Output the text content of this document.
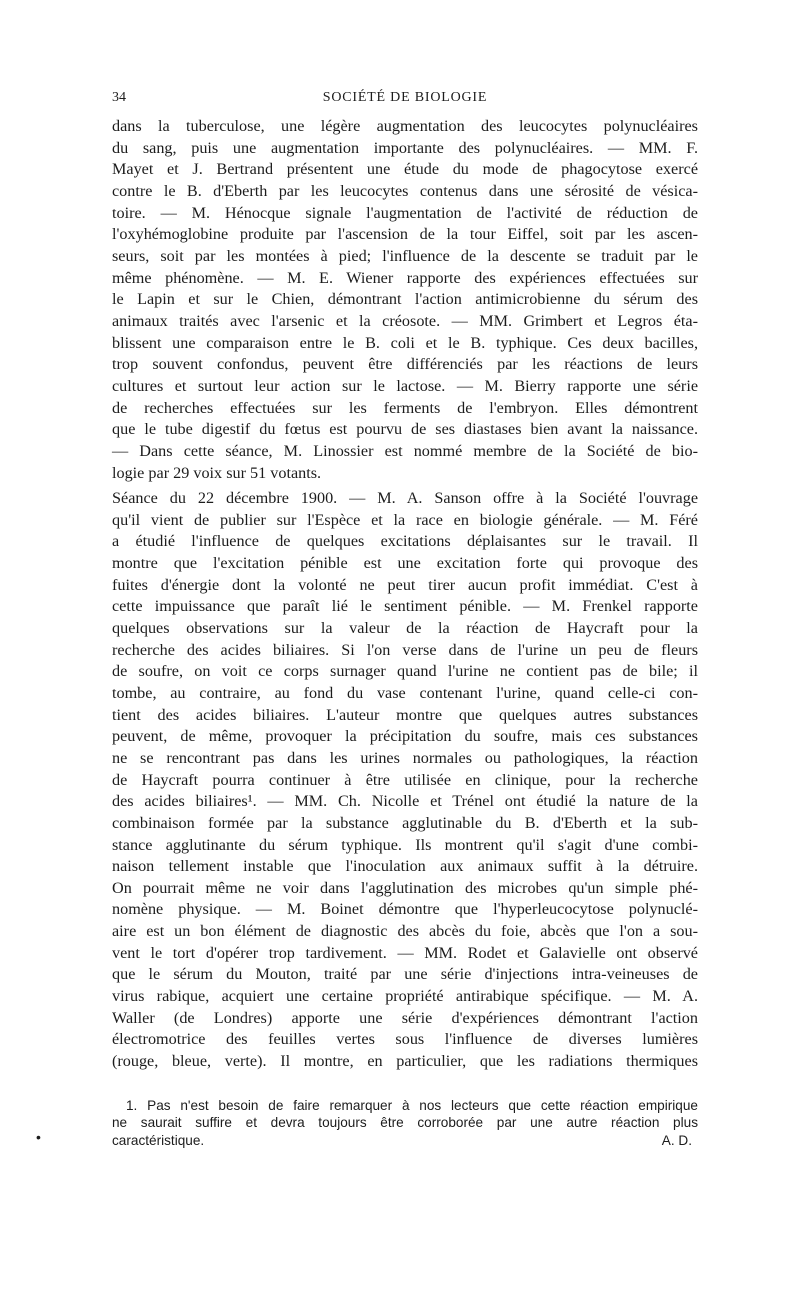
34	SOCIÉTÉ DE BIOLOGIE

dans la tuberculose, une légère augmentation des leucocytes polynucléaires
du sang, puis une augmentation importante des polynucléaires. — MM. F.
Mayet et J. Bertrand présentent une étude du mode de phagocytose exercé
contre le B. d'Eberth par les leucocytes contenus dans une sérosité de vésica-
toire. — M. Hénocque signale l'augmentation de l'activité de réduction de
l'oxyhémoglobine produite par l'ascension de la tour Eiffel, soit par les ascen-
seurs, soit par les montées à pied; l'influence de la descente se traduit par le
même phénomène. — M. E. Wiener rapporte des expériences effectuées sur
le Lapin et sur le Chien, démontrant l'action antimicrobienne du sérum des
animaux traités avec l'arsenic et la créosote. — MM. Grimbert et Legros éta-
blissent une comparaison entre le B. coli et le B. typhique. Ces deux bacilles,
trop souvent confondus, peuvent être différenciés par les réactions de leurs
cultures et surtout leur action sur le lactose. — M. Bierry rapporte une série
de recherches effectuées sur les ferments de l'embryon. Elles démontrent
que le tube digestif du fœtus est pourvu de ses diastases bien avant la naissance.
— Dans cette séance, M. Linossier est nommé membre de la Société de bio-
logie par 29 voix sur 51 votants.

Séance du 22 décembre 1900. — M. A. Sanson offre à la Société l'ouvrage
qu'il vient de publier sur l'Espèce et la race en biologie générale. — M. Féré
a étudié l'influence de quelques excitations déplaisantes sur le travail. Il
montre que l'excitation pénible est une excitation forte qui provoque des
fuites d'énergie dont la volonté ne peut tirer aucun profit immédiat. C'est à
cette impuissance que paraît lié le sentiment pénible. — M. Frenkel rapporte
quelques observations sur la valeur de la réaction de Haycraft pour la
recherche des acides biliaires. Si l'on verse dans de l'urine un peu de fleurs
de soufre, on voit ce corps surnager quand l'urine ne contient pas de bile; il
tombe, au contraire, au fond du vase contenant l'urine, quand celle-ci con-
tient des acides biliaires. L'auteur montre que quelques autres substances
peuvent, de même, provoquer la précipitation du soufre, mais ces substances
ne se rencontrant pas dans les urines normales ou pathologiques, la réaction
de Haycraft pourra continuer à être utilisée en clinique, pour la recherche
des acides biliaires¹. — MM. Ch. Nicolle et Trénel ont étudié la nature de la
combinaison formée par la substance agglutinable du B. d'Eberth et la sub-
stance agglutinante du sérum typhique. Ils montrent qu'il s'agit d'une combi-
naison tellement instable que l'inoculation aux animaux suffit à la détruire.
On pourrait même ne voir dans l'agglutination des microbes qu'un simple phé-
nomène physique. — M. Boinet démontre que l'hyperleucocytose polynuclé-
aire est un bon élément de diagnostic des abcès du foie, abcès que l'on a sou-
vent le tort d'opérer trop tardivement. — MM. Rodet et Galavielle ont observé
que le sérum du Mouton, traité par une série d'injections intra-veineuses de
virus rabique, acquiert une certaine propriété antirabique spécifique. — M. A.
Waller (de Londres) apporte une série d'expériences démontrant l'action
électromotrice des feuilles vertes sous l'influence de diverses lumières
(rouge, bleue, verte). Il montre, en particulier, que les radiations thermiques

1. Pas n'est besoin de faire remarquer à nos lecteurs que cette réaction empirique
ne saurait suffire et devra toujours être corroborée par une autre réaction plus
caractéristique.	A. D.
•
